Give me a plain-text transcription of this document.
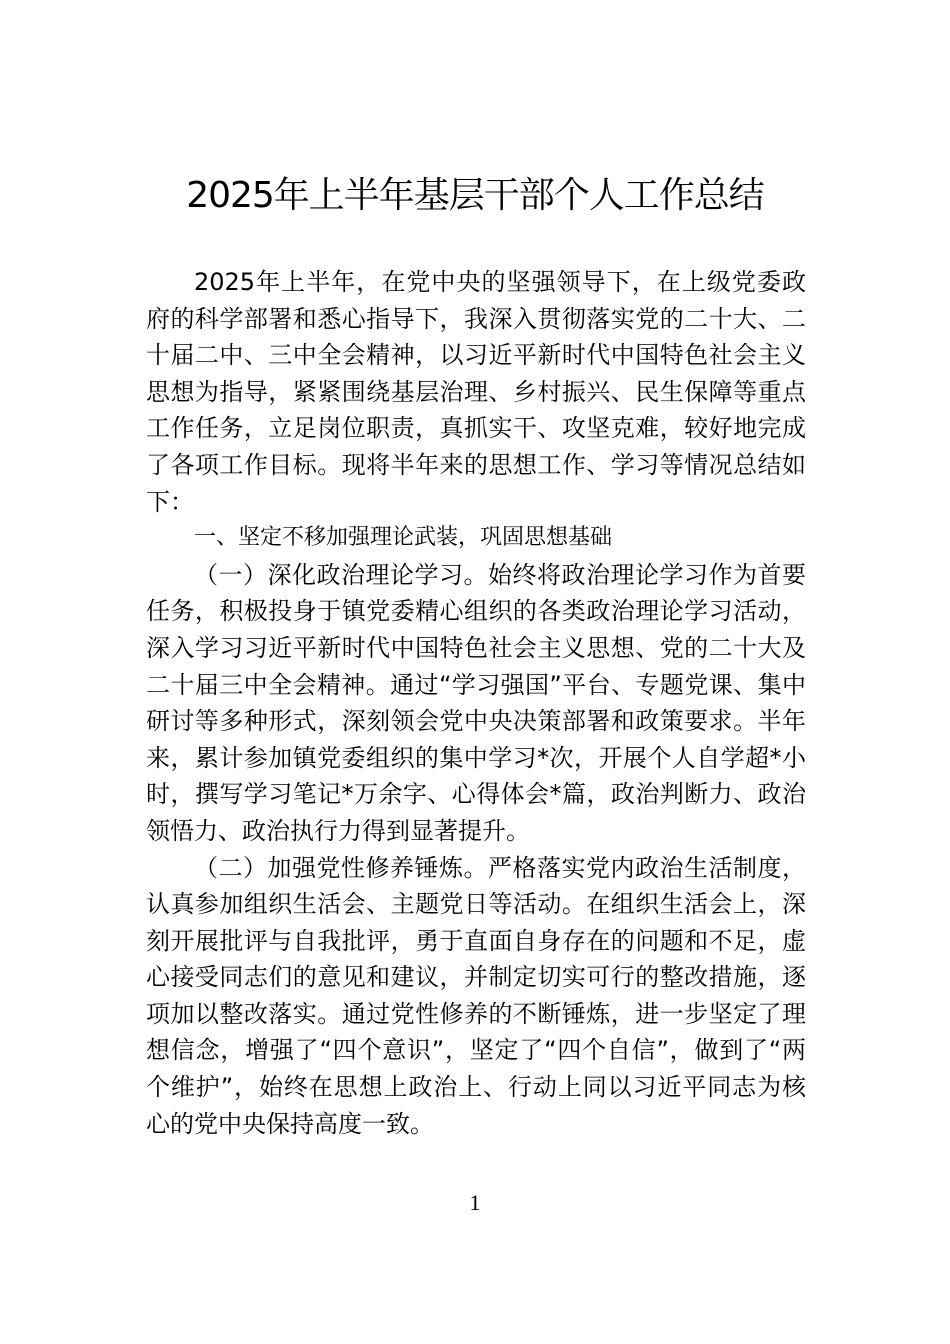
2025年上半年基层干部个人工作总结

2025年上半年，在党中央的坚强领导下，在上级党委政府的科学部署和悉心指导下，我深入贯彻落实党的二十大、二十届二中、三中全会精神，以习近平新时代中国特色社会主义思想为指导，紧紧围绕基层治理、乡村振兴、民生保障等重点工作任务，立足岗位职责，真抓实干、攻坚克难，较好地完成了各项工作目标。现将半年来的思想工作、学习等情况总结如下：

一、坚定不移加强理论武装，巩固思想基础

（一）深化政治理论学习。始终将政治理论学习作为首要任务，积极投身于镇党委精心组织的各类政治理论学习活动，深入学习习近平新时代中国特色社会主义思想、党的二十大及二十届三中全会精神。通过“学习强国”平台、专题党课、集中研讨等多种形式，深刻领会党中央决策部署和政策要求。半年来，累计参加镇党委组织的集中学习*次，开展个人自学超*小时，撰写学习笔记*万余字、心得体会*篇，政治判断力、政治领悟力、政治执行力得到显著提升。

（二）加强党性修养锤炼。严格落实党内政治生活制度，认真参加组织生活会、主题党日等活动。在组织生活会上，深刻开展批评与自我批评，勇于直面自身存在的问题和不足，虚心接受同志们的意见和建议，并制定切实可行的整改措施，逐项加以整改落实。通过党性修养的不断锤炼，进一步坚定了理想信念，增强了“四个意识”，坚定了“四个自信”，做到了“两个维护”，始终在思想上政治上、行动上同以习近平同志为核心的党中央保持高度一致。

1
